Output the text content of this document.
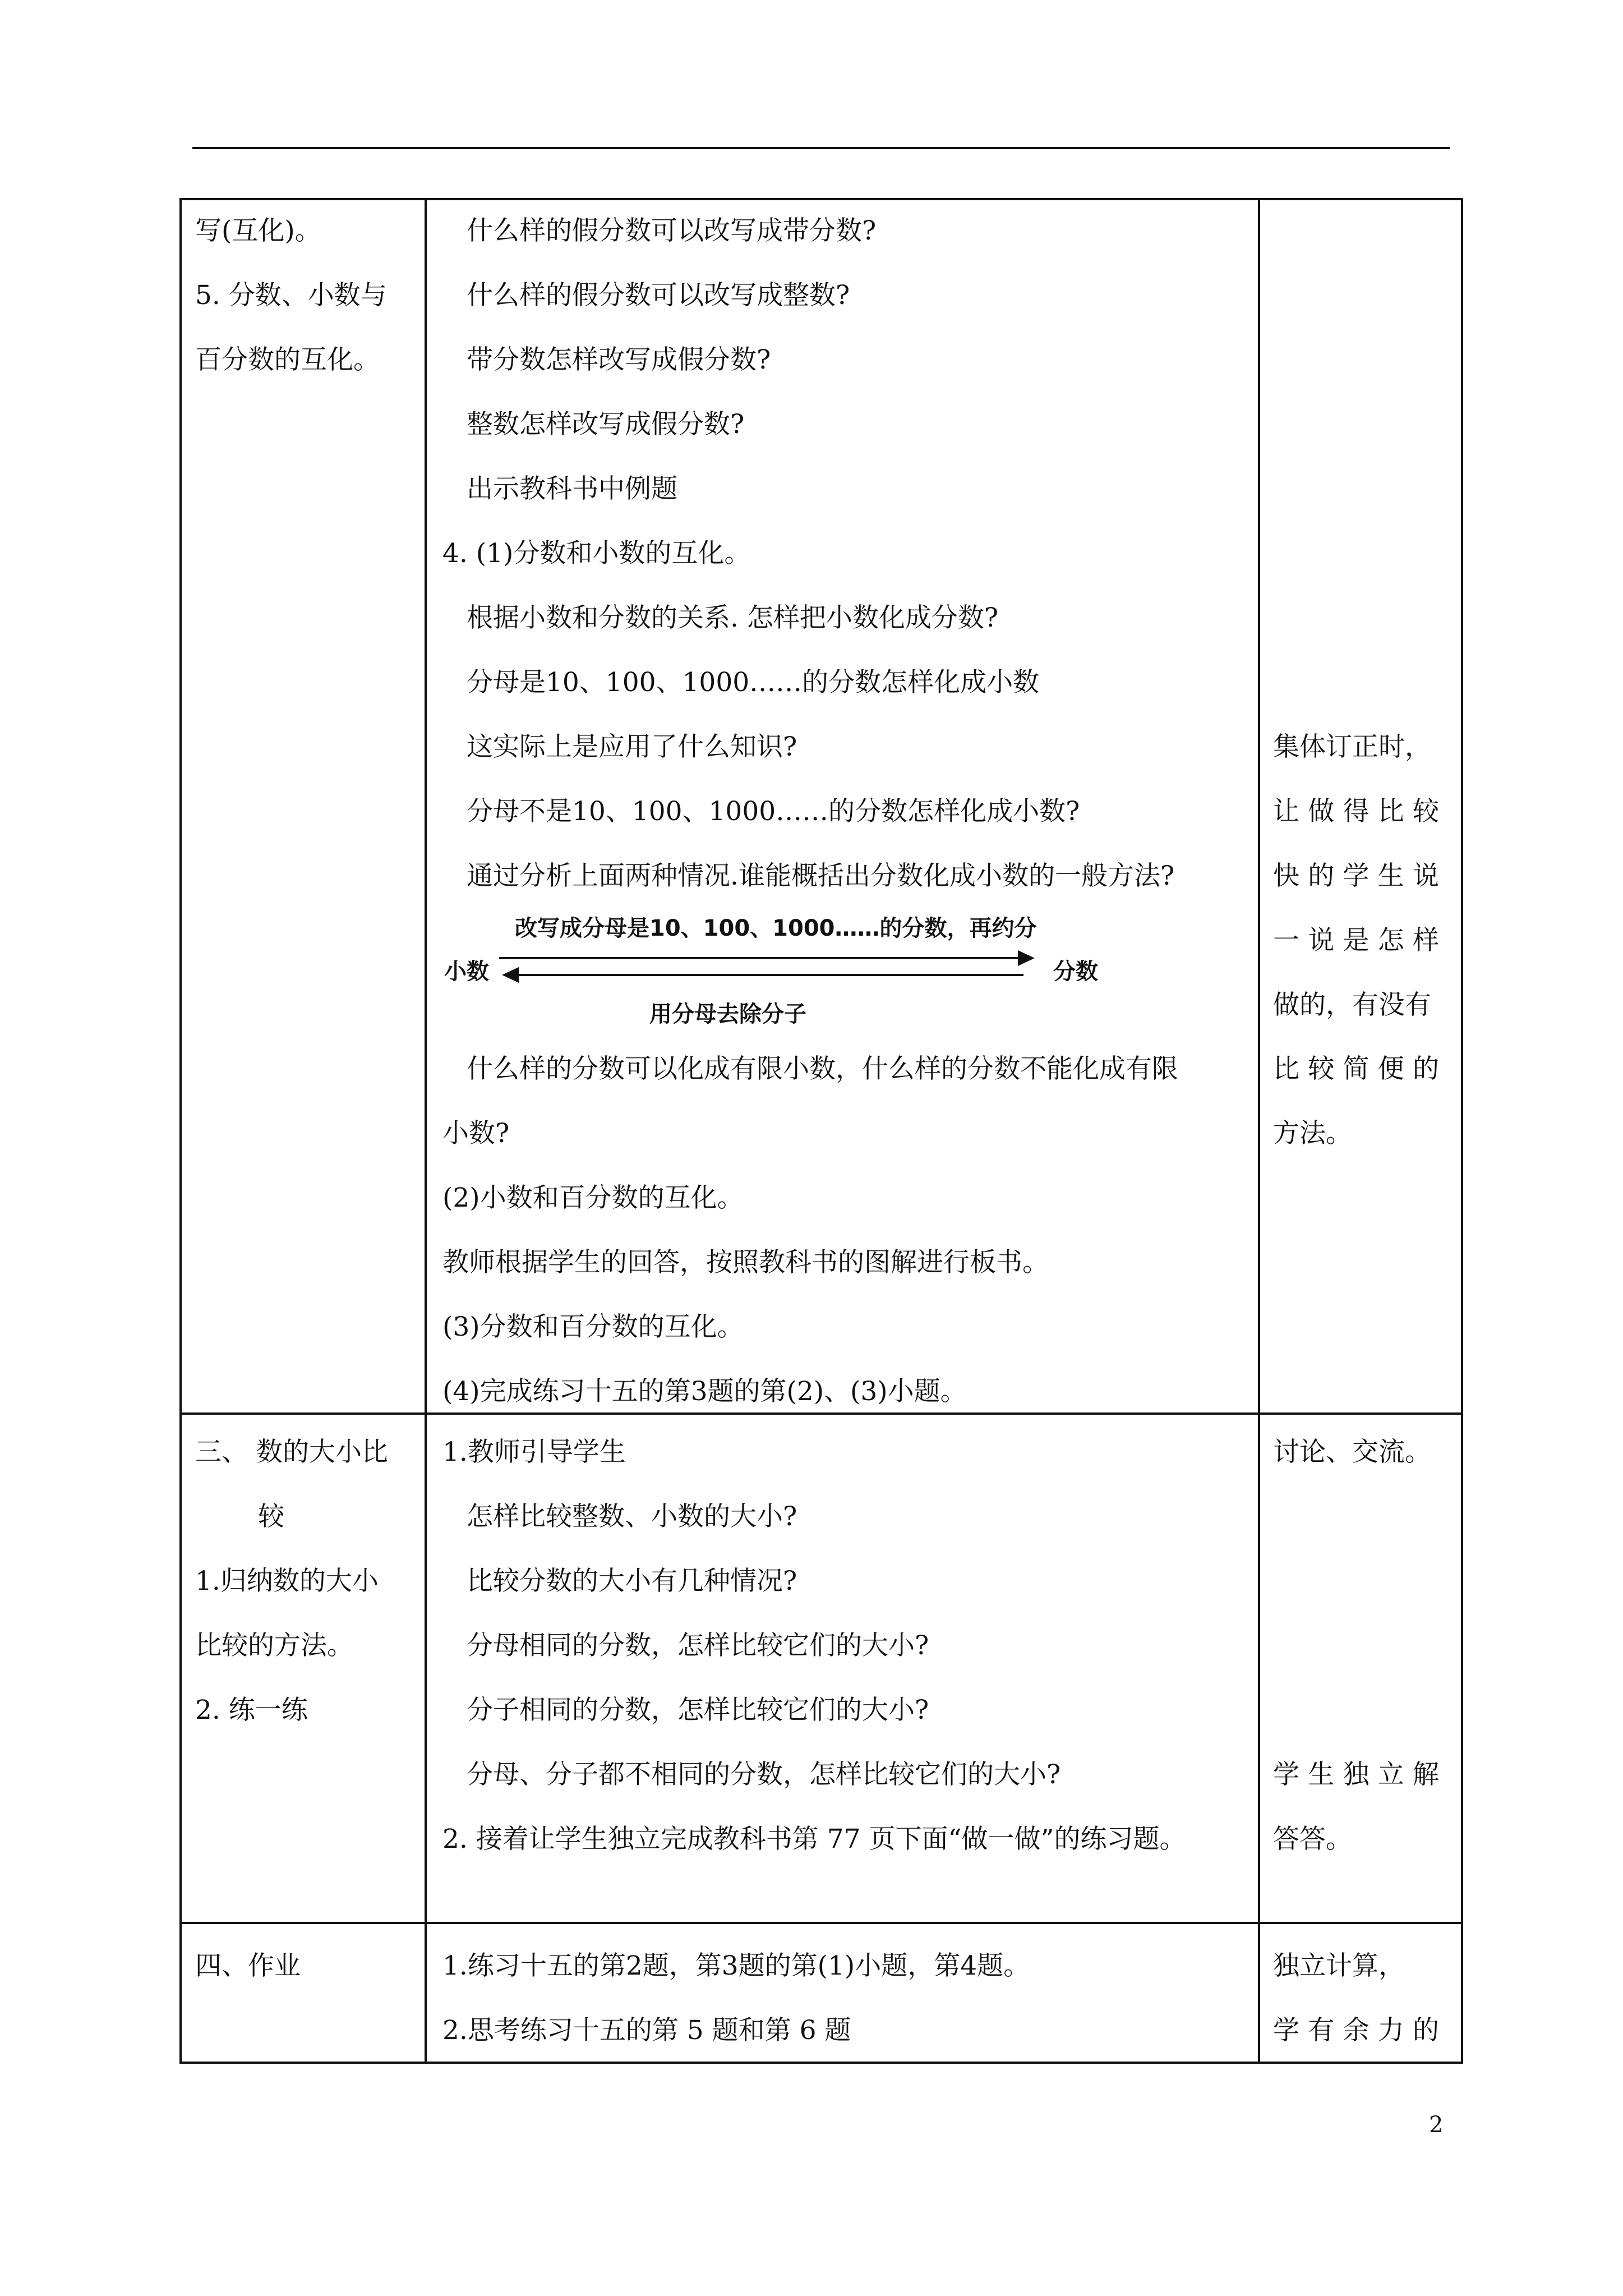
写(互化)。
5. 分数、小数与
百分数的互化。
三、 数的大小比
较
1.归纳数的大小
比较的方法。
2. 练一练
四、作业
什么样的假分数可以改写成带分数?
什么样的假分数可以改写成整数?
带分数怎样改写成假分数?
整数怎样改写成假分数?
出示教科书中例题
4. (1)分数和小数的互化。
根据小数和分数的关系. 怎样把小数化成分数?
分母是10、100、1000……的分数怎样化成小数
这实际上是应用了什么知识?
分母不是10、100、1000……的分数怎样化成小数?
通过分析上面两种情况.谁能概括出分数化成小数的一般方法?
改写成分母是10、100、1000……的分数，再约分
小数	分数
用分母去除分子
什么样的分数可以化成有限小数，什么样的分数不能化成有限
小数?
(2)小数和百分数的互化。
教师根据学生的回答，按照教科书的图解进行板书。
(3)分数和百分数的互化。
(4)完成练习十五的第3题的第(2)、(3)小题。
1.教师引导学生
怎样比较整数、小数的大小?
比较分数的大小有几种情况?
分母相同的分数，怎样比较它们的大小?
分子相同的分数，怎样比较它们的大小?
分母、分子都不相同的分数，怎样比较它们的大小?
2. 接着让学生独立完成教科书第 77 页下面“做一做”的练习题。
1.练习十五的第2题，第3题的第(1)小题，第4题。
2.思考练习十五的第 5 题和第 6 题
集体订正时，
让做得比较
快的学生说
一说是怎样
做的，有没有
比较简便的
方法。
讨论、交流。
学生独立解
答答。
独立计算，
学有余力的
2
